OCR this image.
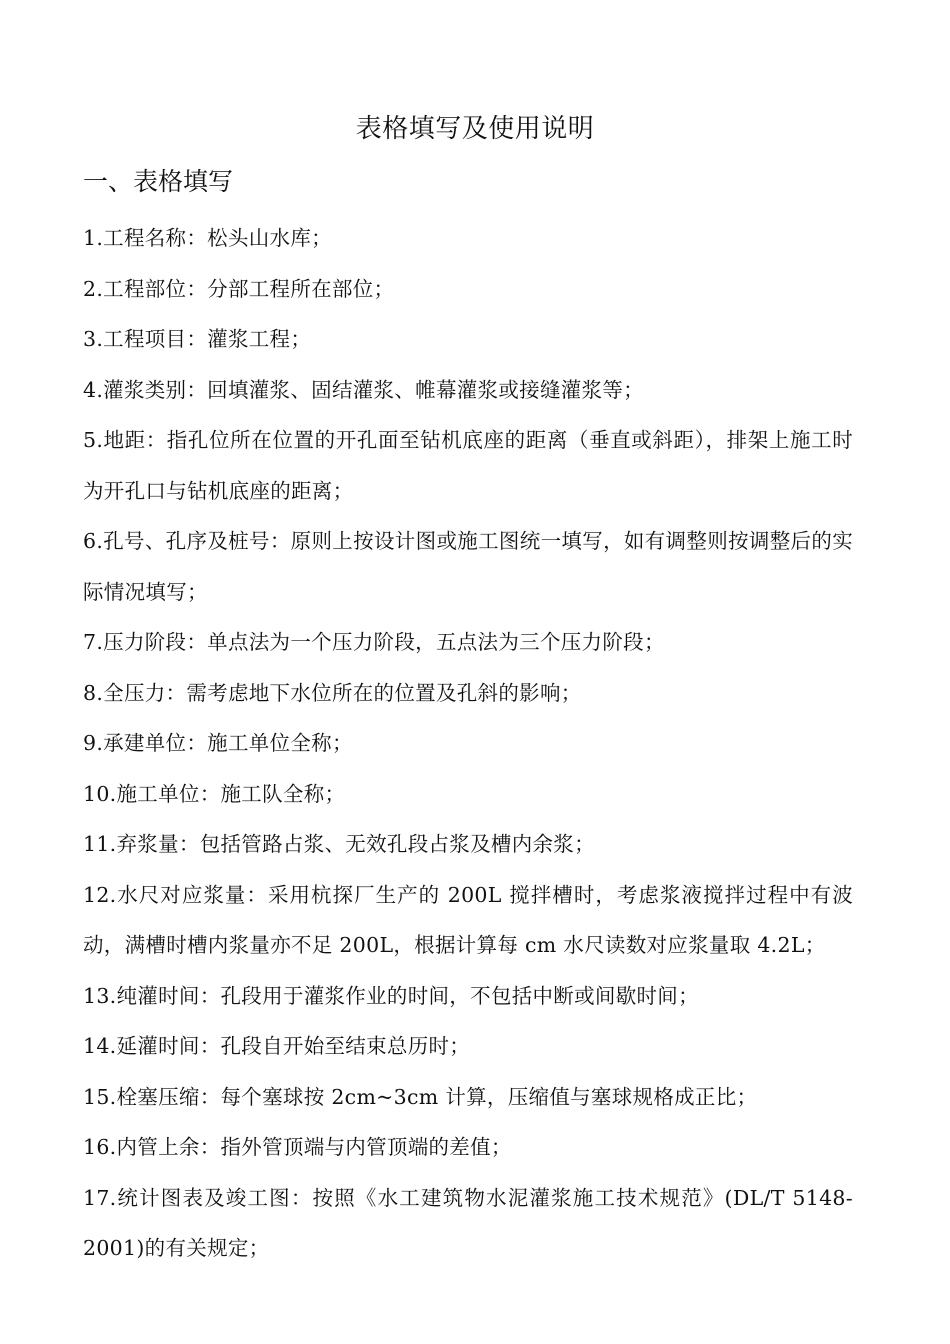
表格填写及使用说明
一、表格填写
1.工程名称：松头山水库；
2.工程部位：分部工程所在部位；
3.工程项目：灌浆工程；
4.灌浆类别：回填灌浆、固结灌浆、帷幕灌浆或接缝灌浆等；
5.地距：指孔位所在位置的开孔面至钻机底座的距离（垂直或斜距），排架上施工时为开孔口与钻机底座的距离；
6.孔号、孔序及桩号：原则上按设计图或施工图统一填写，如有调整则按调整后的实际情况填写；
7.压力阶段：单点法为一个压力阶段，五点法为三个压力阶段；
8.全压力：需考虑地下水位所在的位置及孔斜的影响；
9.承建单位：施工单位全称；
10.施工单位：施工队全称；
11.弃浆量：包括管路占浆、无效孔段占浆及槽内余浆；
12.水尺对应浆量：采用杭探厂生产的 200L 搅拌槽时，考虑浆液搅拌过程中有波动，满槽时槽内浆量亦不足 200L，根据计算每 cm 水尺读数对应浆量取 4.2L；
13.纯灌时间：孔段用于灌浆作业的时间，不包括中断或间歇时间；
14.延灌时间：孔段自开始至结束总历时；
15.栓塞压缩：每个塞球按 2cm~3cm 计算，压缩值与塞球规格成正比；
16.内管上余：指外管顶端与内管顶端的差值；
17.统计图表及竣工图：按照《水工建筑物水泥灌浆施工技术规范》(DL/T 5148-2001)的有关规定；
